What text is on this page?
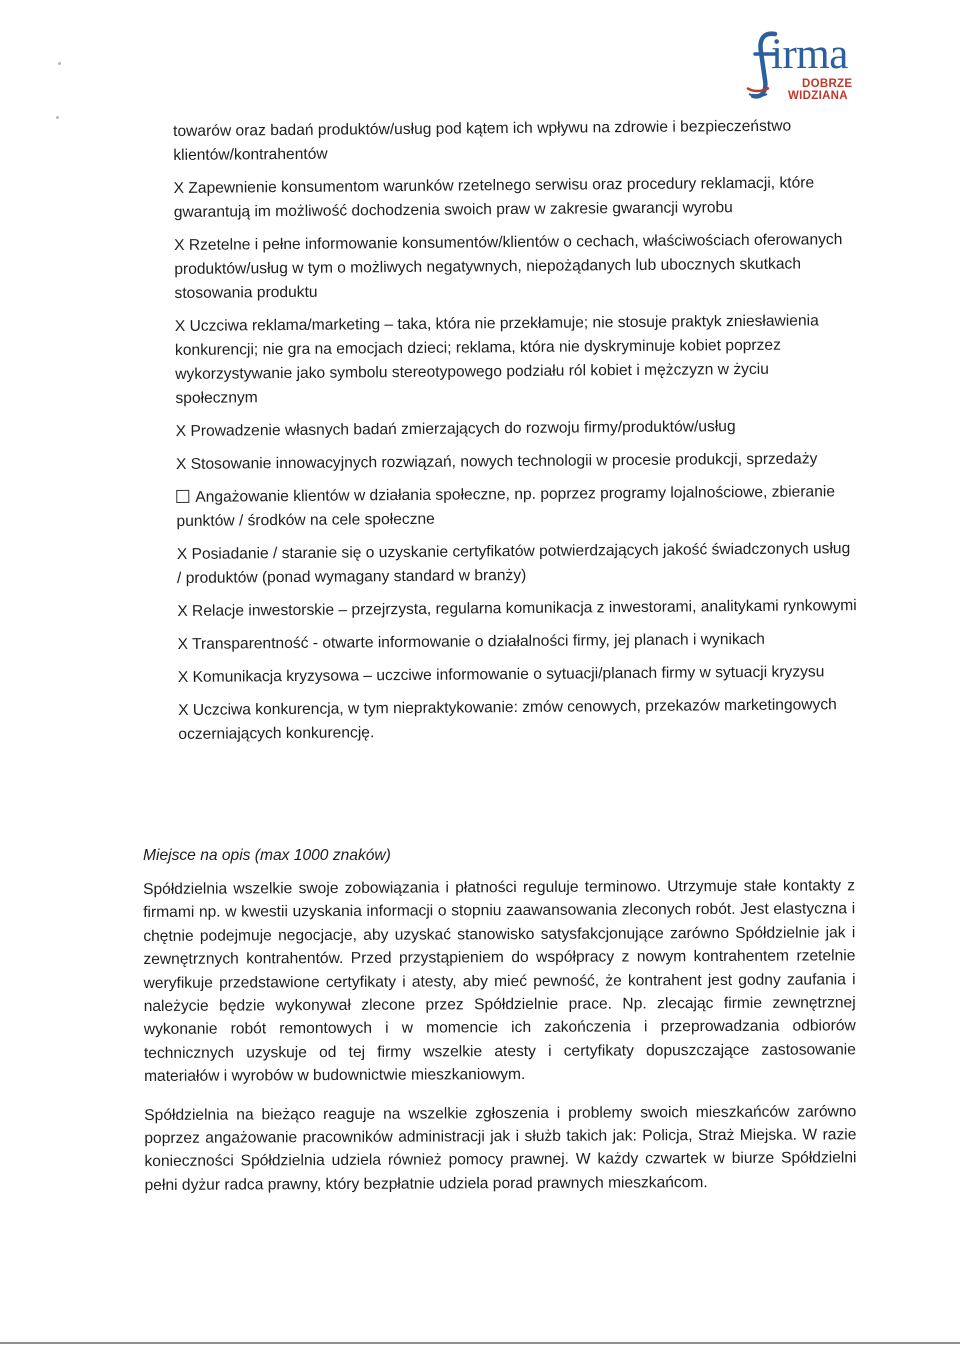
irma
DOBRZE
WIDZIANA
towarów oraz badań produktów/usług pod kątem ich wpływu na zdrowie i bezpieczeństwo klientów/kontrahentów
X Zapewnienie konsumentom warunków rzetelnego serwisu oraz procedury reklamacji, które gwarantują im możliwość dochodzenia swoich praw w zakresie gwarancji wyrobu
X Rzetelne i pełne informowanie konsumentów/klientów o cechach, właściwościach oferowanych produktów/usług w tym o możliwych negatywnych, niepożądanych lub ubocznych skutkach stosowania produktu
X Uczciwa reklama/marketing – taka, która nie przekłamuje; nie stosuje praktyk zniesławienia konkurencji; nie gra na emocjach dzieci; reklama, która nie dyskryminuje kobiet poprzez wykorzystywanie jako symbolu stereotypowego podziału ról kobiet i mężczyzn w życiu społecznym
X Prowadzenie własnych badań zmierzających do rozwoju firmy/produktów/usług
X Stosowanie innowacyjnych rozwiązań, nowych technologii w procesie produkcji, sprzedaży
Angażowanie klientów w działania społeczne, np. poprzez programy lojalnościowe, zbieranie punktów / środków na cele społeczne
X Posiadanie / staranie się o uzyskanie certyfikatów potwierdzających jakość świadczonych usług / produktów (ponad wymagany standard w branży)
X Relacje inwestorskie – przejrzysta, regularna komunikacja z inwestorami, analitykami rynkowymi
X Transparentność - otwarte informowanie o działalności firmy, jej planach i wynikach
X Komunikacja kryzysowa – uczciwe informowanie o sytuacji/planach firmy w sytuacji kryzysu
X Uczciwa konkurencja, w tym niepraktykowanie: zmów cenowych, przekazów marketingowych oczerniających konkurencję.
Miejsce na opis (max 1000 znaków)

Spółdzielnia wszelkie swoje zobowiązania i płatności reguluje terminowo. Utrzymuje stałe kontakty z firmami np. w kwestii uzyskania informacji o stopniu zaawansowania zleconych robót. Jest elastyczna i chętnie podejmuje negocjacje, aby uzyskać stanowisko satysfakcjonujące zarówno Spółdzielnie jak i zewnętrznych kontrahentów. Przed przystąpieniem do współpracy z nowym kontrahentem rzetelnie weryfikuje przedstawione certyfikaty i atesty, aby mieć pewność, że kontrahent jest godny zaufania i należycie będzie wykonywał zlecone przez Spółdzielnie prace. Np. zlecając firmie zewnętrznej wykonanie robót remontowych i w momencie ich zakończenia i przeprowadzania odbiorów technicznych uzyskuje od tej firmy wszelkie atesty i certyfikaty dopuszczające zastosowanie materiałów i wyrobów w budownictwie mieszkaniowym.

Spółdzielnia na bieżąco reaguje na wszelkie zgłoszenia i problemy swoich mieszkańców zarówno poprzez angażowanie pracowników administracji jak i służb takich jak: Policja, Straż Miejska. W razie konieczności Spółdzielnia udziela również pomocy prawnej. W każdy czwartek w biurze Spółdzielni pełni dyżur radca prawny, który bezpłatnie udziela porad prawnych mieszkańcom.
